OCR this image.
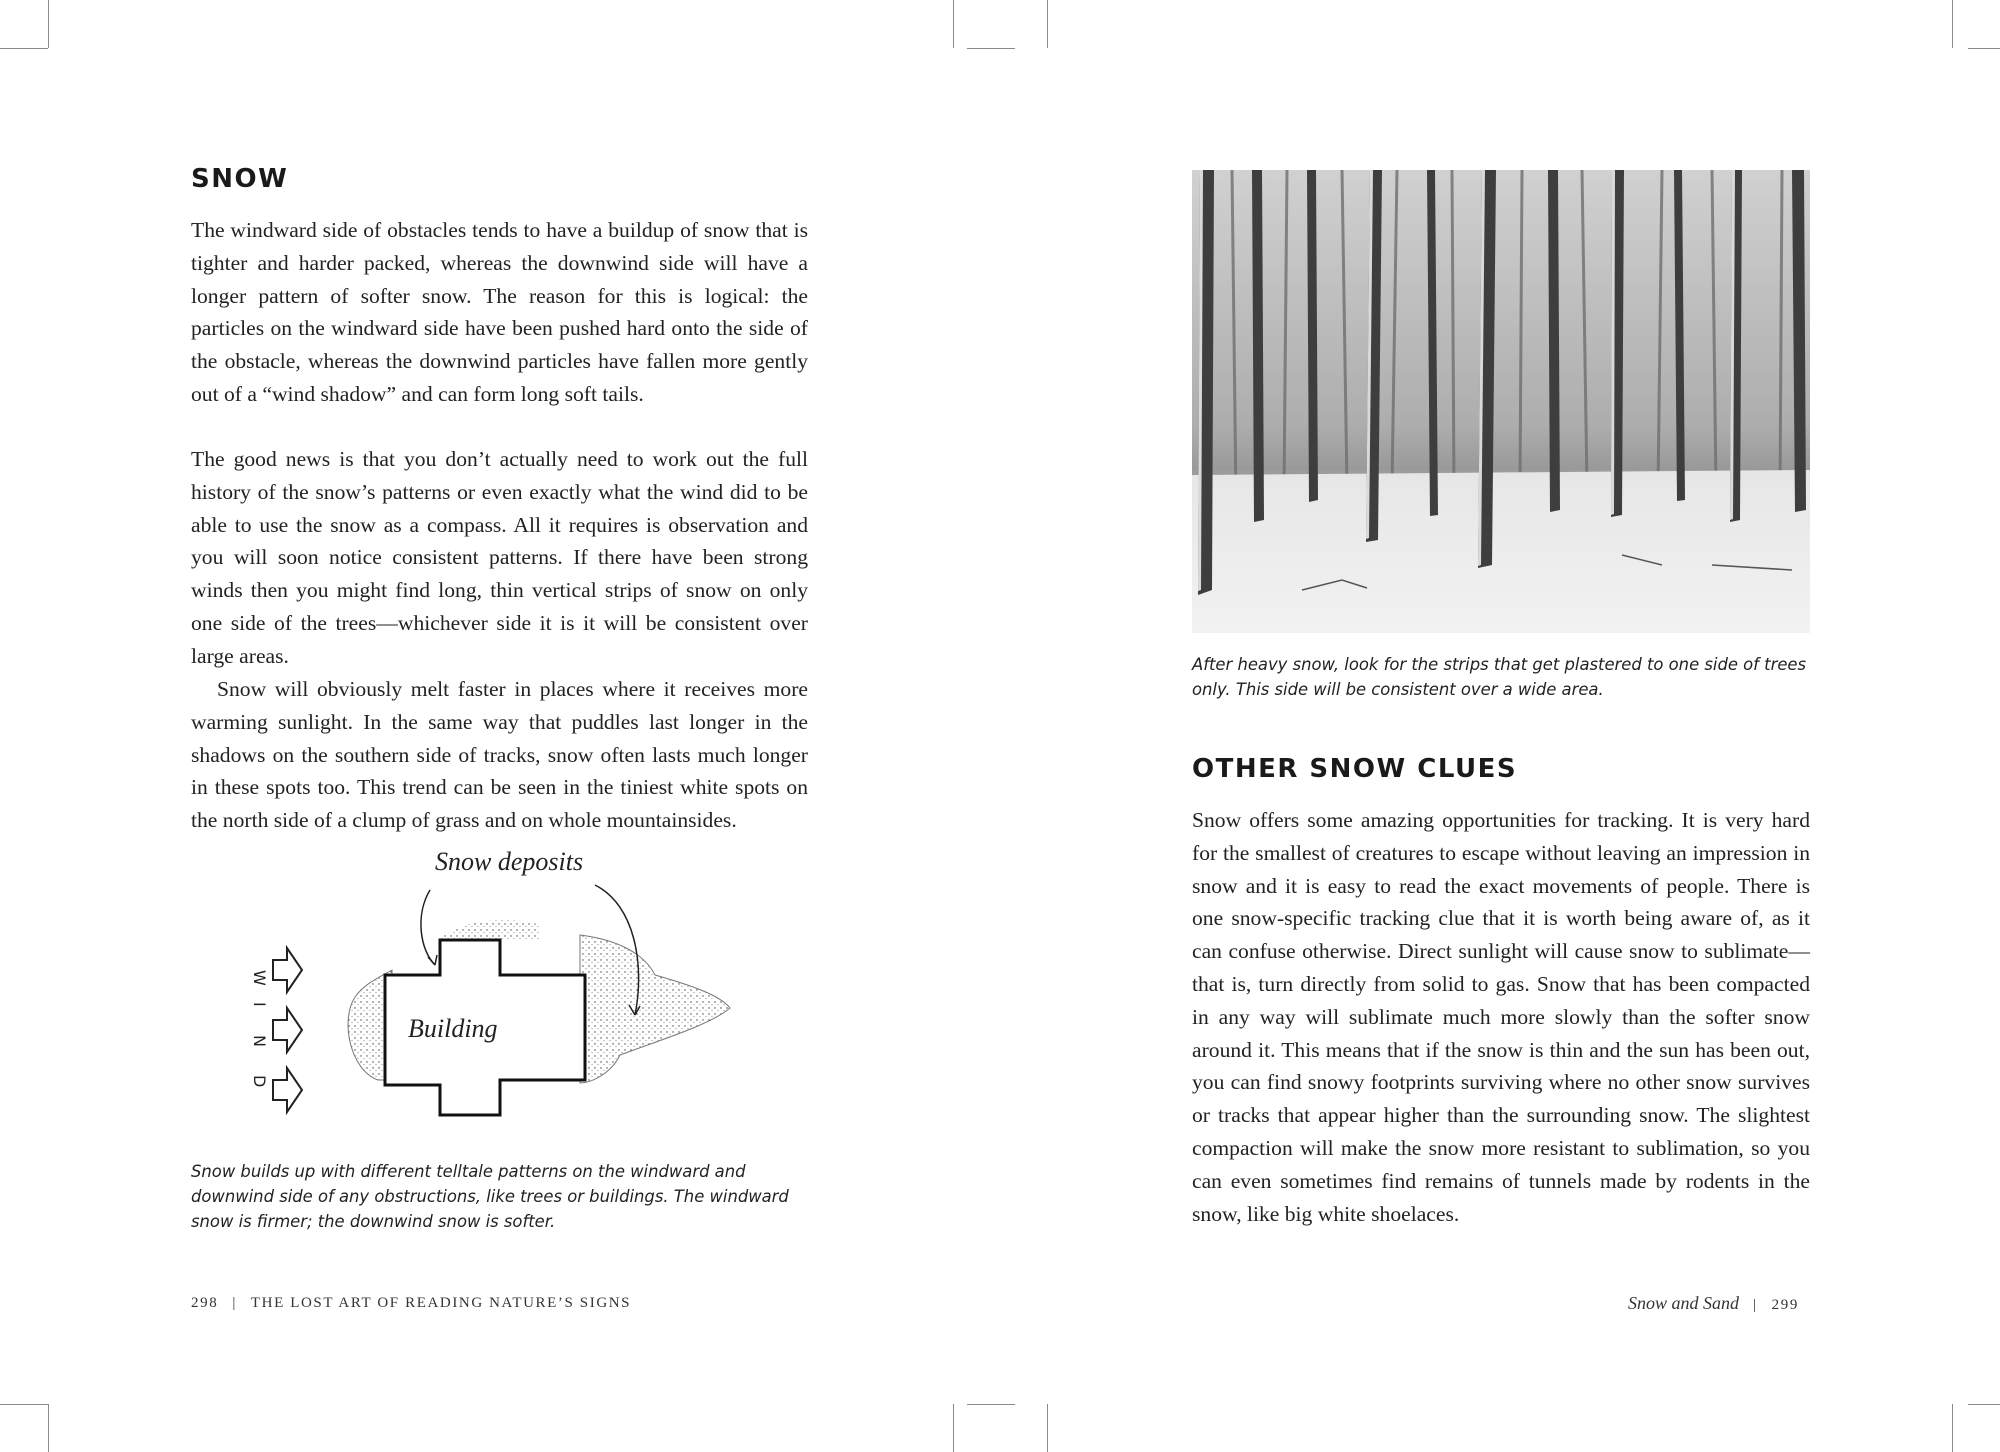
SNOW

The windward side of obstacles tends to have a buildup of snow that is tighter and harder packed, whereas the downwind side will have a longer pattern of softer snow. The reason for this is logical: the particles on the windward side have been pushed hard onto the side of the obstacle, whereas the downwind particles have fallen more gently out of a “wind shadow” and can form long soft tails.

The good news is that you don’t actually need to work out the full history of the snow’s patterns or even exactly what the wind did to be able to use the snow as a compass. All it requires is observation and you will soon notice consistent patterns. If there have been strong winds then you might find long, thin vertical strips of snow on only one side of the trees—whichever side it is it will be consistent over large areas.

Snow will obviously melt faster in places where it receives more warming sunlight. In the same way that puddles last longer in the shadows on the southern side of tracks, snow often lasts much longer in these spots too. This trend can be seen in the tiniest white spots on the north side of a clump of grass and on whole mountainsides.

Building
Snow deposits
W
I
N
D

Snow builds up with different telltale patterns on the windward and downwind side of any obstructions, like trees or buildings. The windward snow is firmer; the downwind snow is softer.

298 | THE LOST ART OF READING NATURE’S SIGNS

After heavy snow, look for the strips that get plastered to one side of trees only. This side will be consistent over a wide area.

OTHER SNOW CLUES

Snow offers some amazing opportunities for tracking. It is very hard for the smallest of creatures to escape without leaving an impression in snow and it is easy to read the exact movements of people. There is one snow-specific tracking clue that it is worth being aware of, as it can confuse otherwise. Direct sunlight will cause snow to sublimate—that is, turn directly from solid to gas. Snow that has been compacted in any way will sublimate much more slowly than the softer snow around it. This means that if the snow is thin and the sun has been out, you can find snowy footprints surviving where no other snow survives or tracks that appear higher than the surrounding snow. The slightest compaction will make the snow more resistant to sublimation, so you can even sometimes find remains of tunnels made by rodents in the snow, like big white shoelaces.

Snow and Sand | 299
